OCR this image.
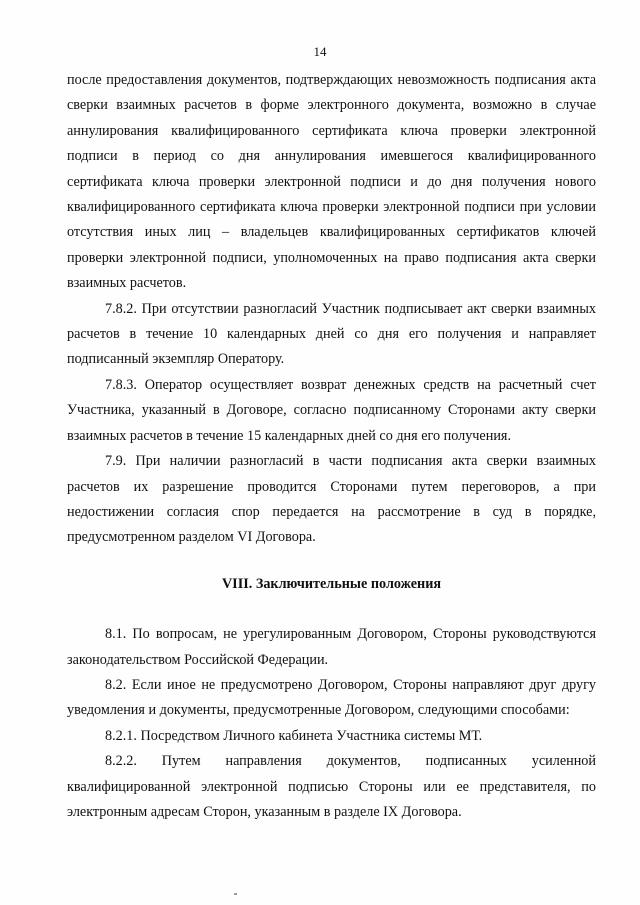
14

после предоставления документов, подтверждающих невозможность подписания акта сверки взаимных расчетов в форме электронного документа, возможно в случае аннулирования квалифицированного сертификата ключа проверки электронной подписи в период со дня аннулирования имевшегося квалифицированного сертификата ключа проверки электронной подписи и до дня получения нового квалифицированного сертификата ключа проверки электронной подписи при условии отсутствия иных лиц – владельцев квалифицированных сертификатов ключей проверки электронной подписи, уполномоченных на право подписания акта сверки взаимных расчетов.

7.8.2. При отсутствии разногласий Участник подписывает акт сверки взаимных расчетов в течение 10 календарных дней со дня его получения и направляет подписанный экземпляр Оператору.

7.8.3. Оператор осуществляет возврат денежных средств на расчетный счет Участника, указанный в Договоре, согласно подписанному Сторонами акту сверки взаимных расчетов в течение 15 календарных дней со дня его получения.

7.9. При наличии разногласий в части подписания акта сверки взаимных расчетов их разрешение проводится Сторонами путем переговоров, а при недостижении согласия спор передается на рассмотрение в суд в порядке, предусмотренном разделом VI Договора.

VIII. Заключительные положения

8.1. По вопросам, не урегулированным Договором, Стороны руководствуются законодательством Российской Федерации.

8.2. Если иное не предусмотрено Договором, Стороны направляют друг другу уведомления и документы, предусмотренные Договором, следующими способами:

8.2.1. Посредством Личного кабинета Участника системы МТ.

8.2.2. Путем направления документов, подписанных усиленной квалифицированной электронной подписью Стороны или ее представителя, по электронным адресам Сторон, указанным в разделе IX Договора.
